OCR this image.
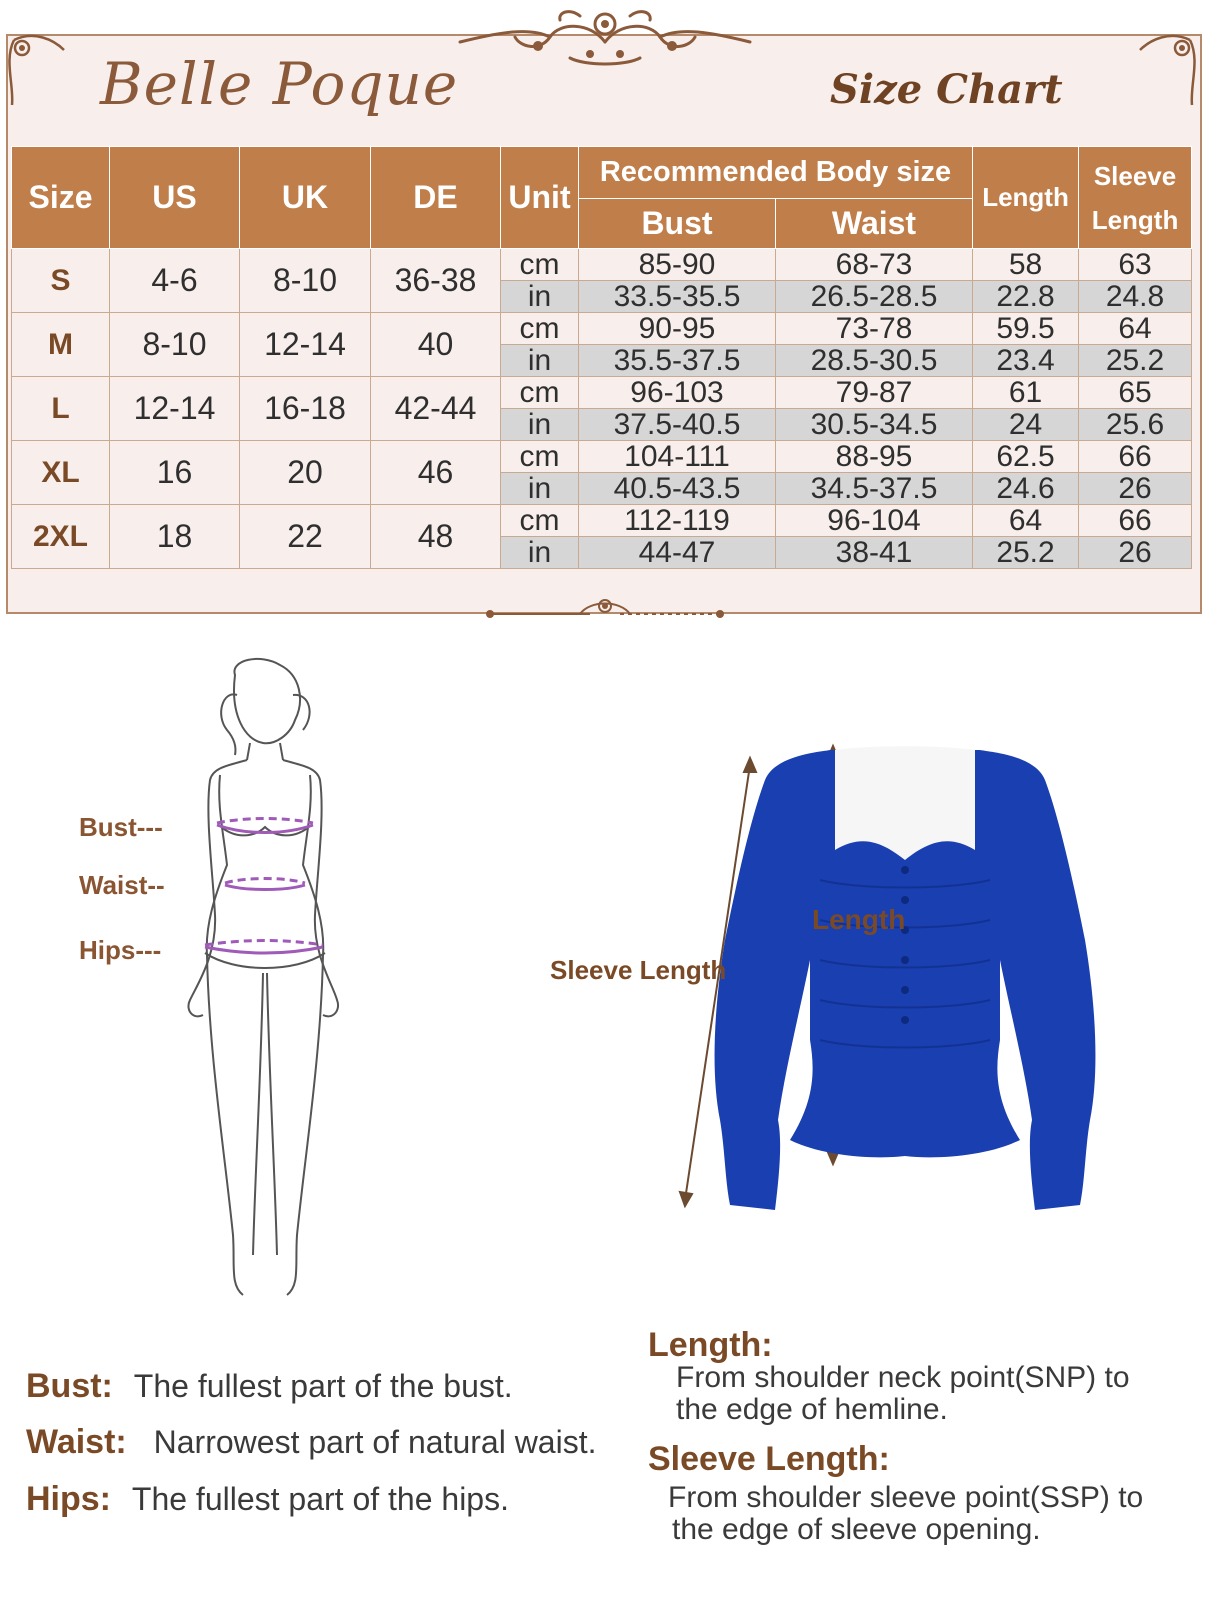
Belle Poque	Size Chart
Size	US	UK	DE	Unit	Recommended Body size		Length	Sleeve
Length

					Bust	Waist		
S	4-6	8-10	36-38	cm	85-90	68-73	58	63
				in	33.5-35.5	26.5-28.5	22.8	24.8
M	8-10	12-14	40	cm	90-95	73-78	59.5	64
				in	35.5-37.5	28.5-30.5	23.4	25.2
L	12-14	16-18	42-44	cm	96-103	79-87	61	65
				in	37.5-40.5	30.5-34.5	24	25.6
XL	16	20	46	cm	104-111	88-95	62.5	66
				in	40.5-43.5	34.5-37.5	24.6	26
2XL	18	22	48	cm	112-119	96-104	64	66
				in	44-47	38-41	25.2	26
Bust---
Waist--
Hips---
Length
Sleeve Length
Bust: The fullest part of the bust.
Waist: Narrowest part of natural waist.
Hips: The fullest part of the hips.
Length:
From shoulder neck point(SNP) to
the edge of hemline.
Sleeve Length:
From shoulder sleeve point(SSP) to
the edge of sleeve opening.
